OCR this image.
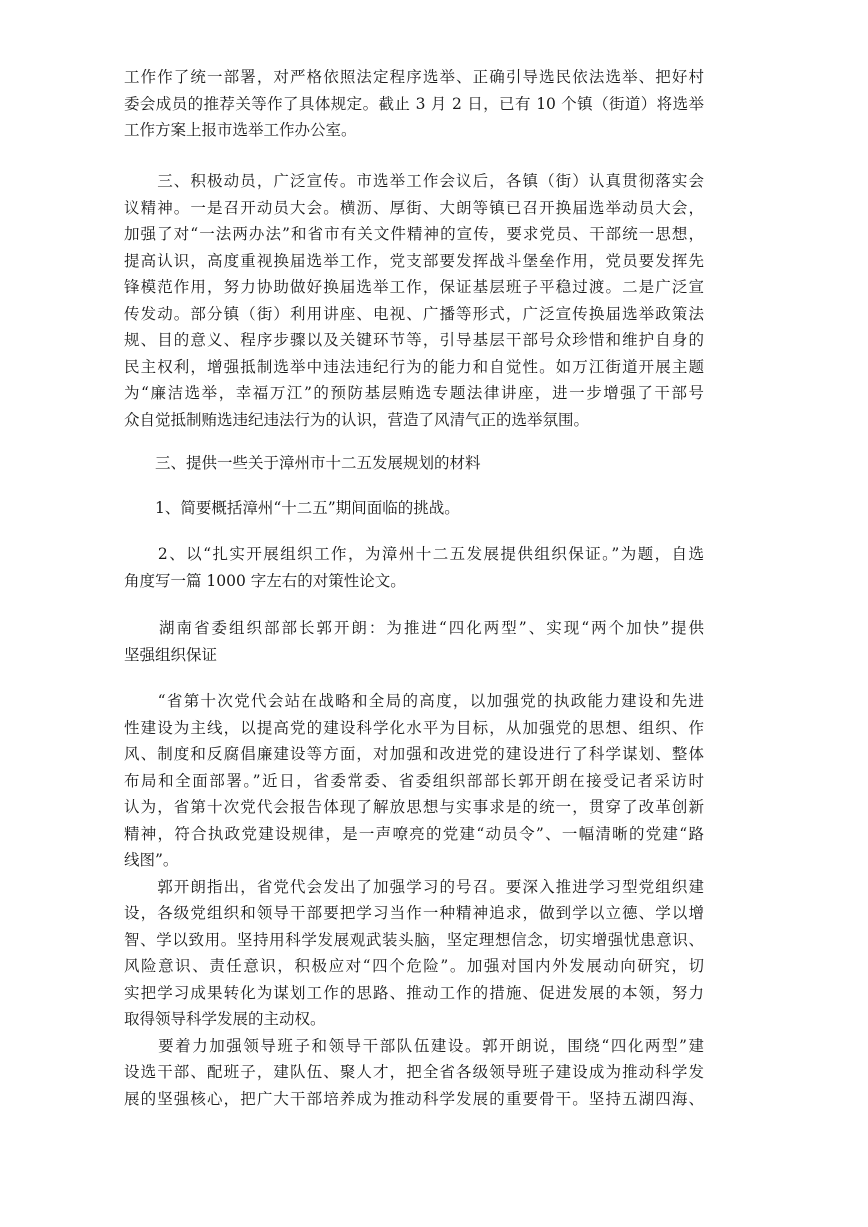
工作作了统一部署，对严格依照法定程序选举、正确引导选民依法选举、把好村
委会成员的推荐关等作了具体规定。截止 3 月 2 日，已有 10 个镇（街道）将选举
工作方案上报市选举工作办公室。
　　三、积极动员，广泛宣传。市选举工作会议后，各镇（街）认真贯彻落实会
议精神。一是召开动员大会。横沥、厚街、大朗等镇已召开换届选举动员大会，
加强了对“一法两办法”和省市有关文件精神的宣传，要求党员、干部统一思想，
提高认识，高度重视换届选举工作，党支部要发挥战斗堡垒作用，党员要发挥先
锋模范作用，努力协助做好换届选举工作，保证基层班子平稳过渡。二是广泛宣
传发动。部分镇（街）利用讲座、电视、广播等形式，广泛宣传换届选举政策法
规、目的意义、程序步骤以及关键环节等，引导基层干部号众珍惜和维护自身的
民主权利，增强抵制选举中违法违纪行为的能力和自觉性。如万江街道开展主题
为“廉洁选举，幸福万江”的预防基层贿选专题法律讲座，进一步增强了干部号
众自觉抵制贿选违纪违法行为的认识，营造了风清气正的选举氛围。
　　三、提供一些关于漳州市十二五发展规划的材料
　　1、简要概括漳州“十二五”期间面临的挑战。
　　2、以“扎实开展组织工作，为漳州十二五发展提供组织保证。”为题，自选
角度写一篇 1000 字左右的对策性论文。
　　湖南省委组织部部长郭开朗：为推进“四化两型”、实现“两个加快”提供
坚强组织保证
　　“省第十次党代会站在战略和全局的高度，以加强党的执政能力建设和先进
性建设为主线，以提高党的建设科学化水平为目标，从加强党的思想、组织、作
风、制度和反腐倡廉建设等方面，对加强和改进党的建设进行了科学谋划、整体
布局和全面部署。”近日，省委常委、省委组织部部长郭开朗在接受记者采访时
认为，省第十次党代会报告体现了解放思想与实事求是的统一，贯穿了改革创新
精神，符合执政党建设规律，是一声嘹亮的党建“动员令”、一幅清晰的党建“路
线图”。
　　郭开朗指出，省党代会发出了加强学习的号召。要深入推进学习型党组织建
设，各级党组织和领导干部要把学习当作一种精神追求，做到学以立德、学以增
智、学以致用。坚持用科学发展观武装头脑，坚定理想信念，切实增强忧患意识、
风险意识、责任意识，积极应对“四个危险”。加强对国内外发展动向研究，切
实把学习成果转化为谋划工作的思路、推动工作的措施、促进发展的本领，努力
取得领导科学发展的主动权。
　　要着力加强领导班子和领导干部队伍建设。郭开朗说，围绕“四化两型”建
设选干部、配班子，建队伍、聚人才，把全省各级领导班子建设成为推动科学发
展的坚强核心，把广大干部培养成为推动科学发展的重要骨干。坚持五湖四海、
